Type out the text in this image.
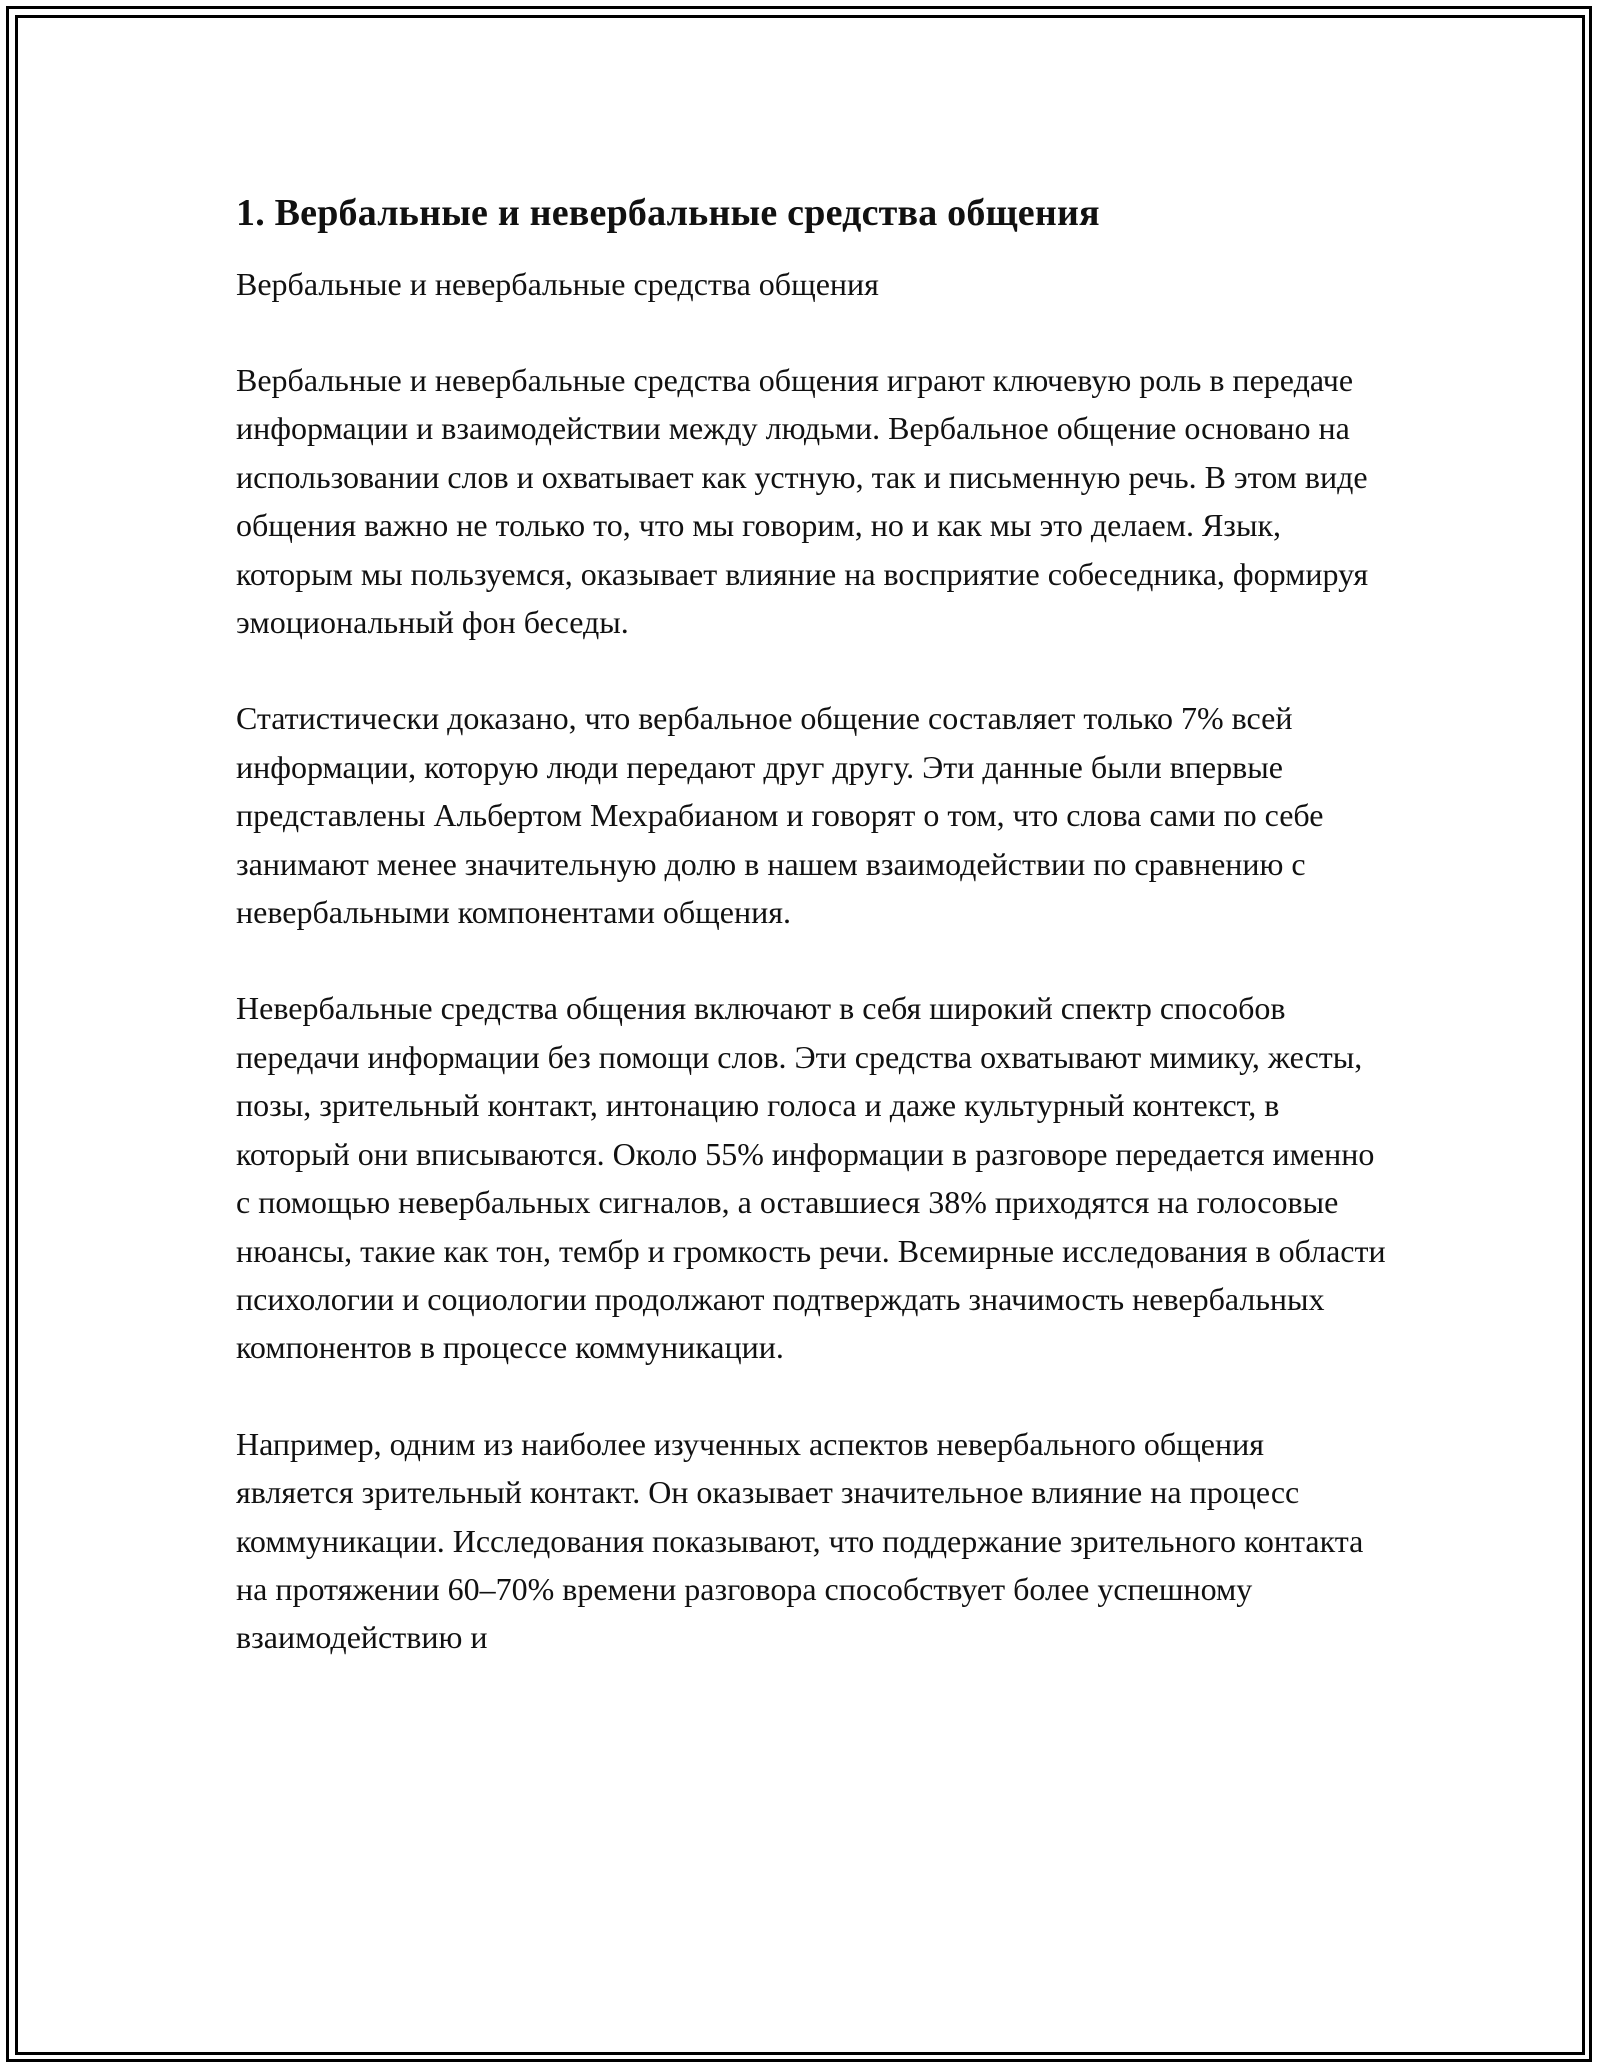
1. Вербальные и невербальные средства общения
Вербальные и невербальные средства общения

Вербальные и невербальные средства общения играют ключевую роль в передаче информации и взаимодействии между людьми. Вербальное общение основано на использовании слов и охватывает как устную, так и письменную речь. В этом виде общения важно не только то, что мы говорим, но и как мы это делаем. Язык, которым мы пользуемся, оказывает влияние на восприятие собеседника, формируя эмоциональный фон беседы.

Статистически доказано, что вербальное общение составляет только 7% всей информации, которую люди передают друг другу. Эти данные были впервые представлены Альбертом Мехрабианом и говорят о том, что слова сами по себе занимают менее значительную долю в нашем взаимодействии по сравнению с невербальными компонентами общения.

Невербальные средства общения включают в себя широкий спектр способов передачи информации без помощи слов. Эти средства охватывают мимику, жесты, позы, зрительный контакт, интонацию голоса и даже культурный контекст, в который они вписываются. Около 55% информации в разговоре передается именно с помощью невербальных сигналов, а оставшиеся 38% приходятся на голосовые нюансы, такие как тон, тембр и громкость речи. Всемирные исследования в области психологии и социологии продолжают подтверждать значимость невербальных компонентов в процессе коммуникации.

Например, одним из наиболее изученных аспектов невербального общения является зрительный контакт. Он оказывает значительное влияние на процесс коммуникации. Исследования показывают, что поддержание зрительного контакта на протяжении 60–70% времени разговора способствует более успешному взаимодействию и
